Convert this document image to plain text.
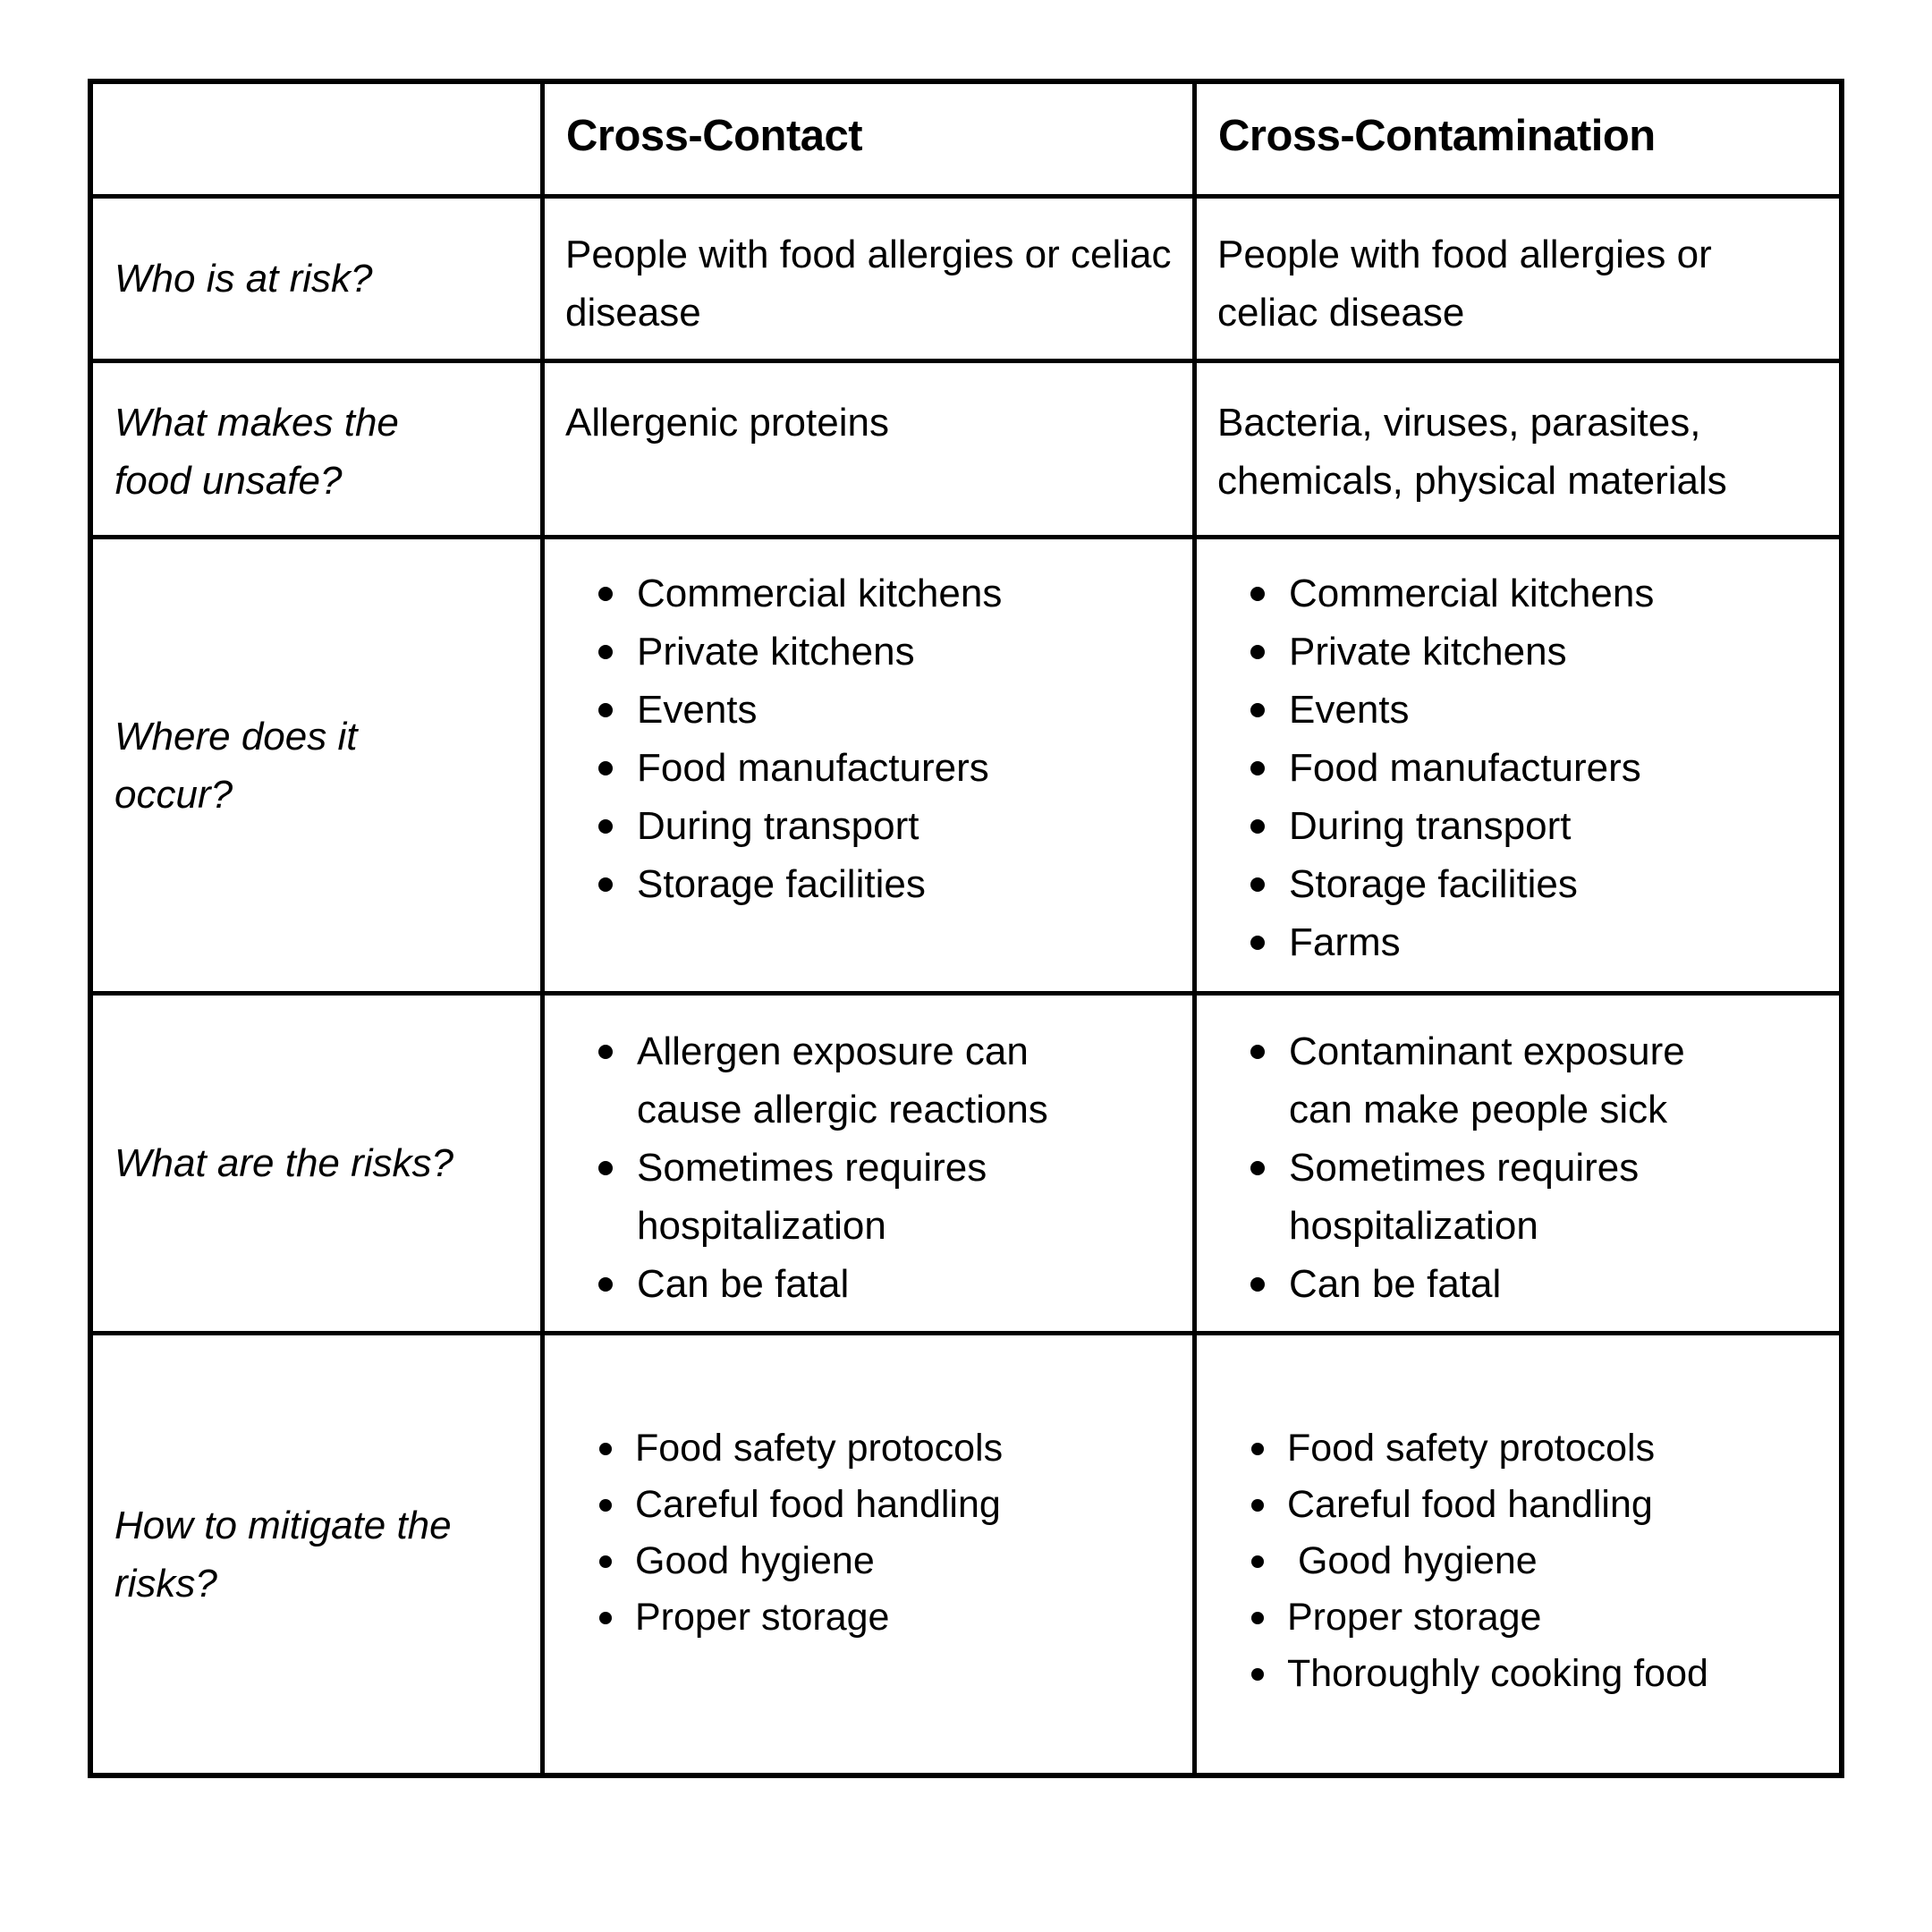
Cross-Contact	Cross-Contamination
Who is at risk?
People with food allergies or celiac disease
People with food allergies or celiac disease
What makes the food unsafe?
Allergenic proteins	Bacteria, viruses, parasites, chemicals, physical materials
Where does it occur?
Commercial kitchens
Private kitchens
Events
Food manufacturers
During transport
Storage facilities
Commercial kitchens
Private kitchens
Events
Food manufacturers
During transport
Storage facilities
Farms
What are the risks?
Allergen exposure can cause allergic reactions
Sometimes requires hospitalization
Can be fatal
Contaminant exposure can make people sick
Sometimes requires hospitalization
Can be fatal
How to mitigate the risks?
Food safety protocols
Careful food handling
Good hygiene
Proper storage
Food safety protocols
Careful food handling
Good hygiene
Proper storage
Thoroughly cooking food
